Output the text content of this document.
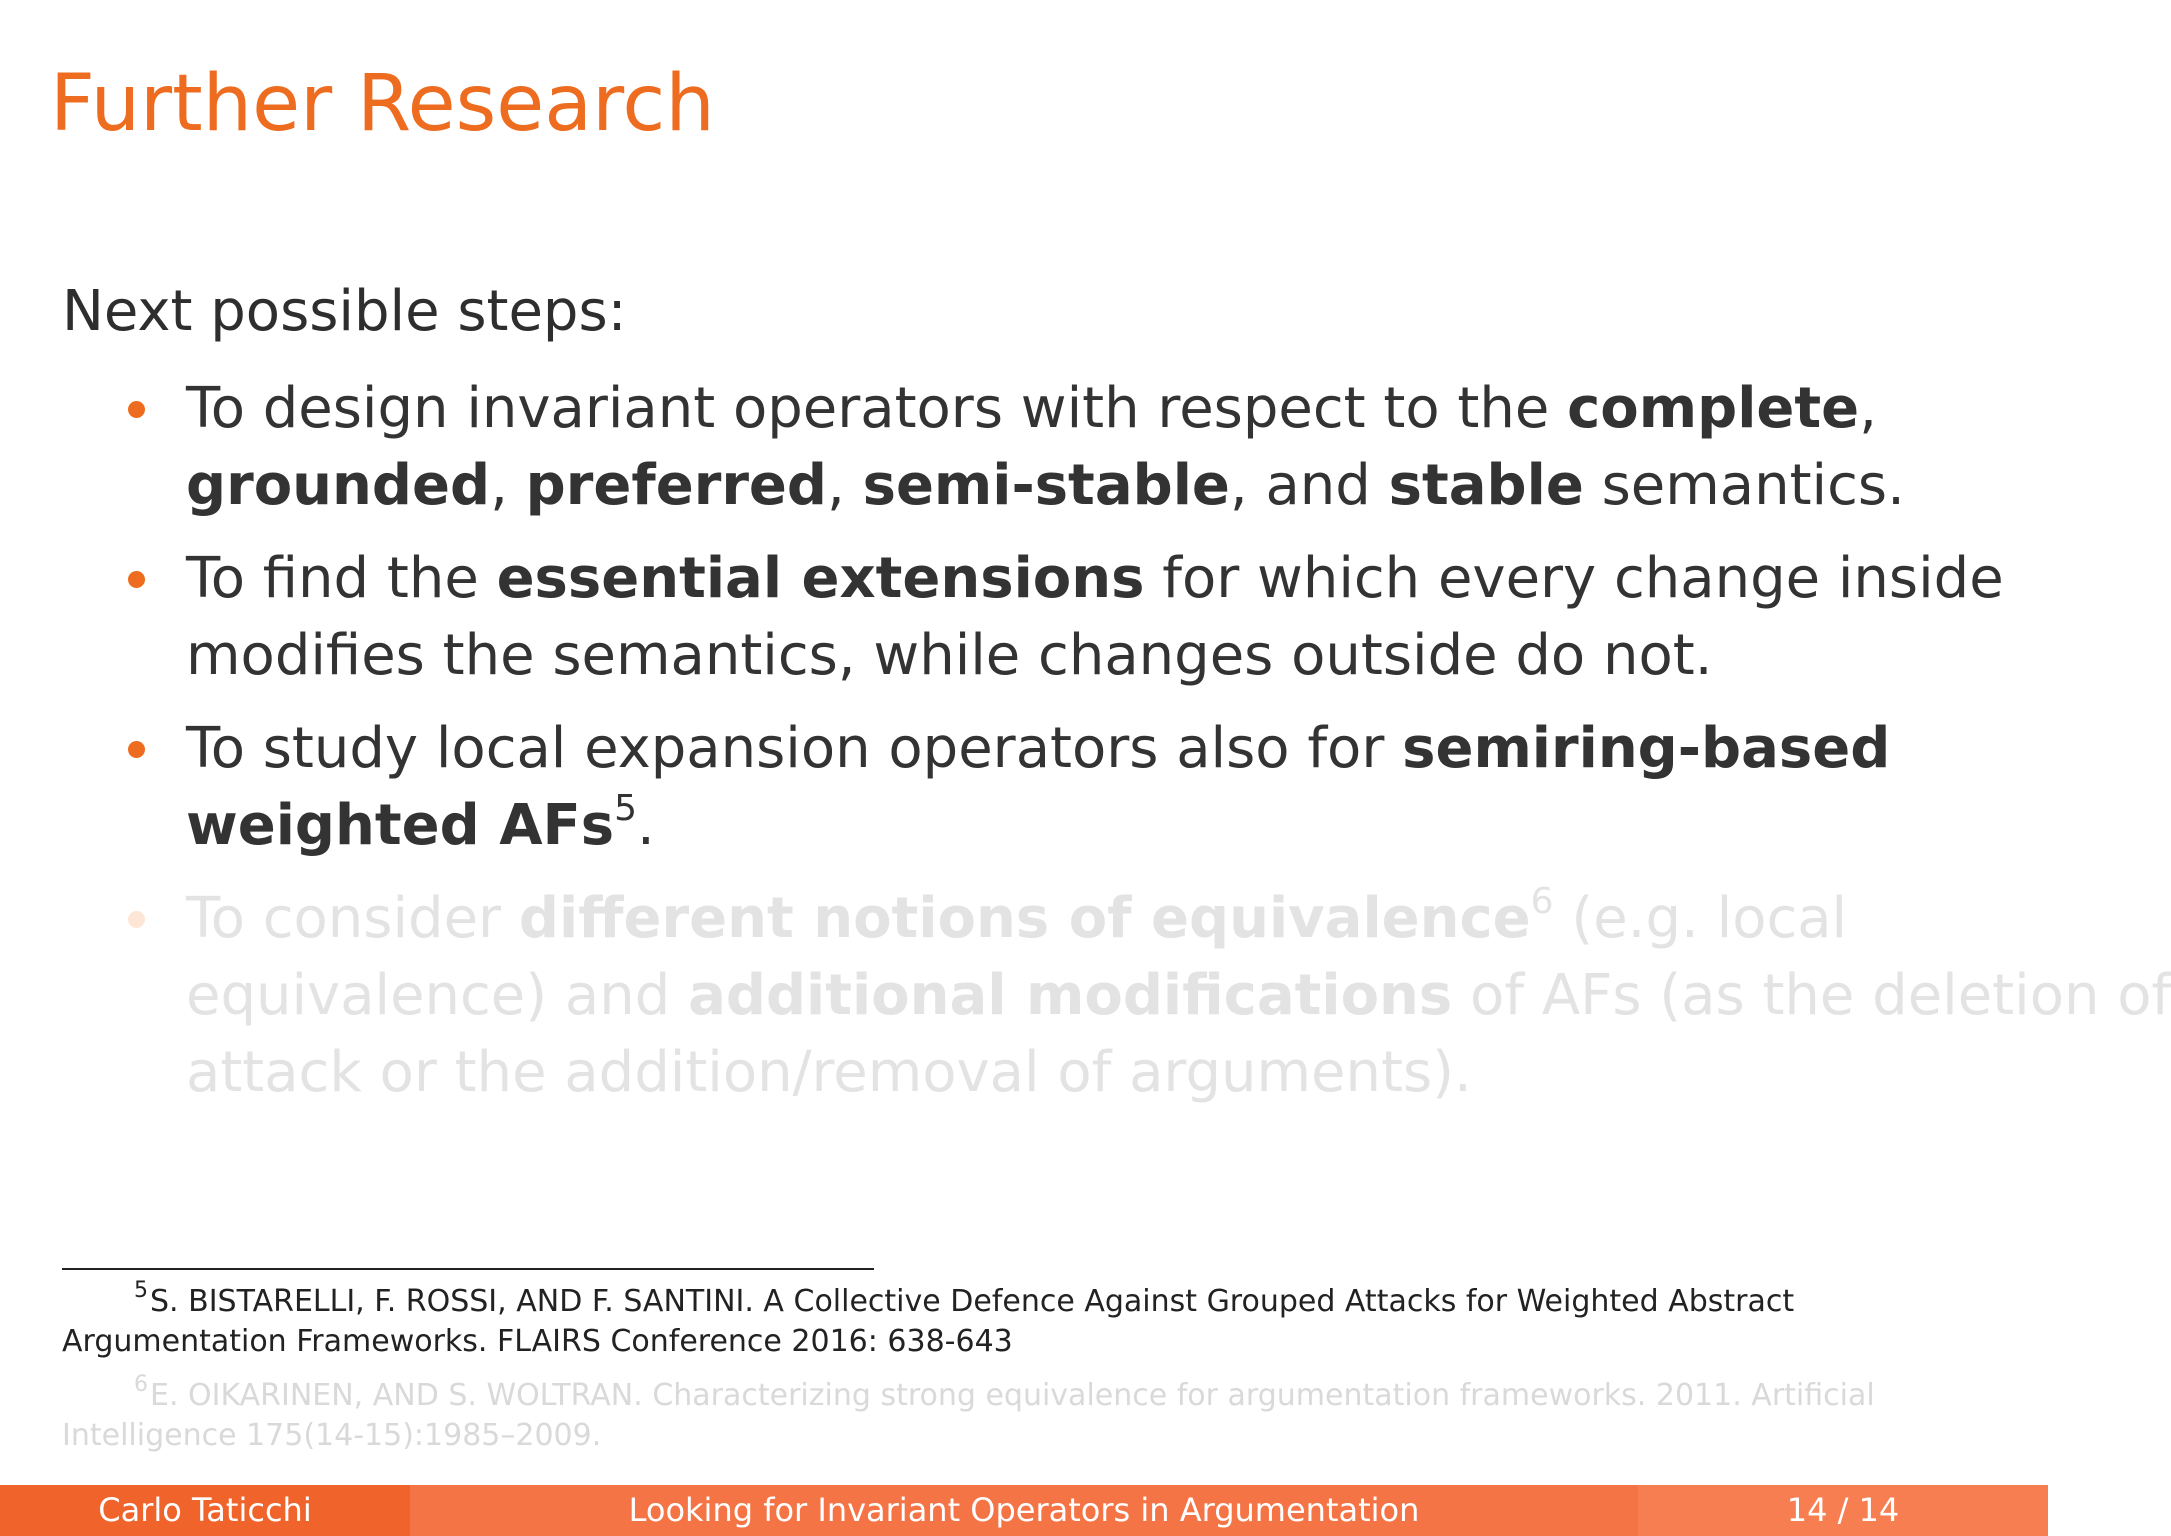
Further Research
Next possible steps:
To design invariant operators with respect to the complete,
grounded, preferred, semi-stable, and stable semantics.
To find the essential extensions for which every change inside
modifies the semantics, while changes outside do not.
To study local expansion operators also for semiring-based
weighted AFs$^5$.
To consider different notions of equivalence$^6$ (e.g. local
equivalence) and additional modifications of AFs (as the deletion of
attack or the addition/removal of arguments).
$^5$S. BISTARELLI, F. ROSSI, AND F. SANTINI. A Collective Defence Against Grouped Attacks for Weighted Abstract
Argumentation Frameworks. FLAIRS Conference 2016: 638-643
$^6$E. OIKARINEN, AND S. WOLTRAN. Characterizing strong equivalence for argumentation frameworks. 2011. Artificial
Intelligence 175(14-15):1985–2009.
Carlo Taticchi	Looking for Invariant Operators in Argumentation	14 / 14
